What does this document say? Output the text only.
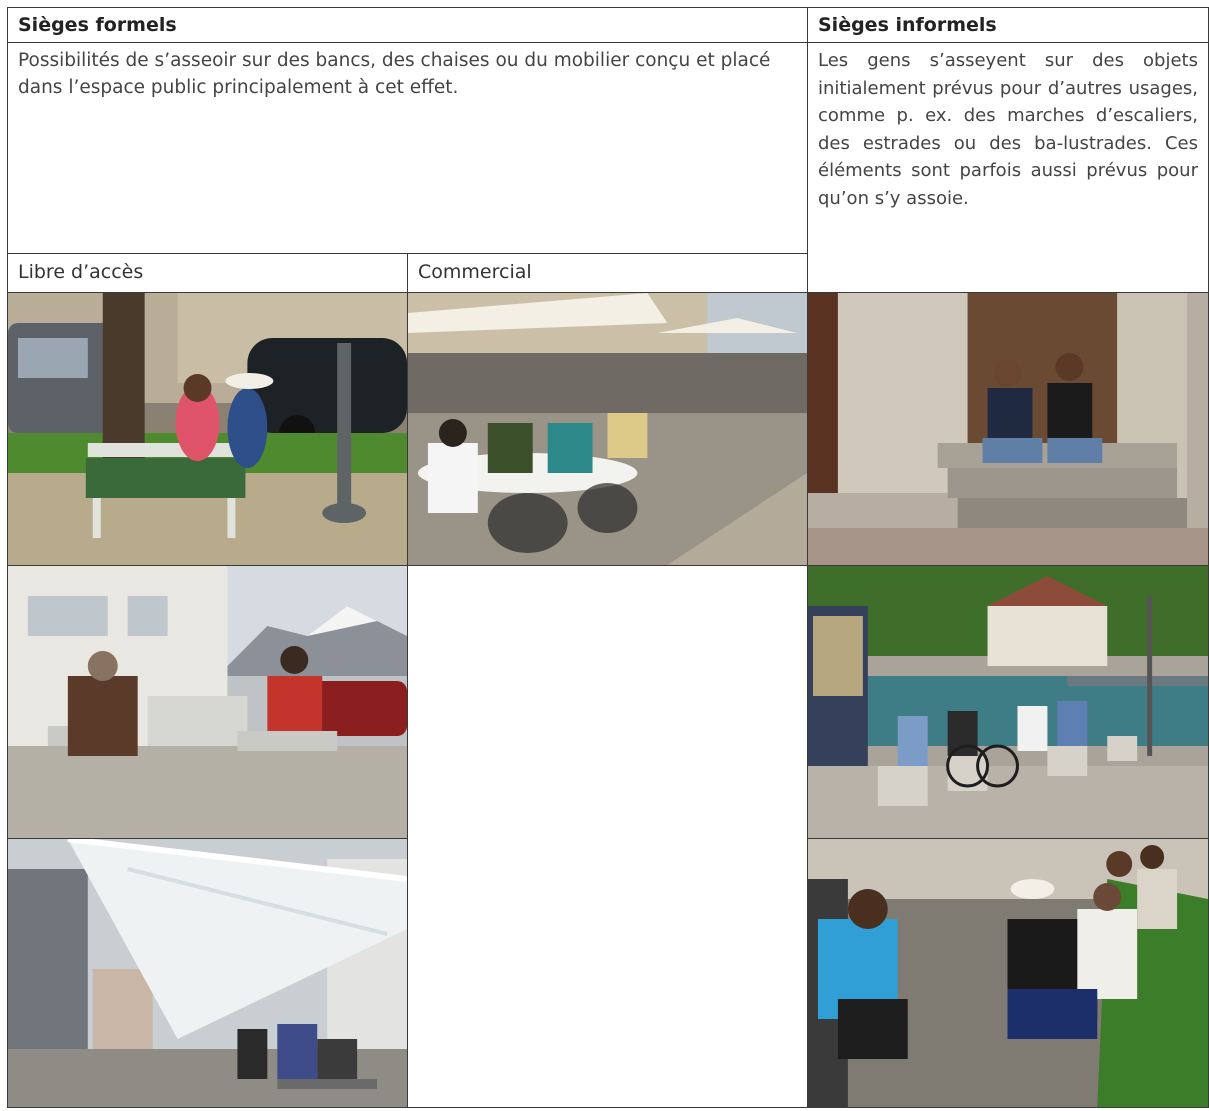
Sièges formels	Sièges informels
Possibilités de s’asseoir sur des bancs, des chaises ou du mobilier conçu et placé dans l’espace public principalement à cet effet.
Les gens s’asseyent sur des objets initialement prévus pour d’autres usages, comme p. ex. des marches d’escaliers, des estrades ou des ba-lustrades. Ces éléments sont parfois aussi prévus pour qu’on s’y assoie.
Libre d’accès	Commercial
